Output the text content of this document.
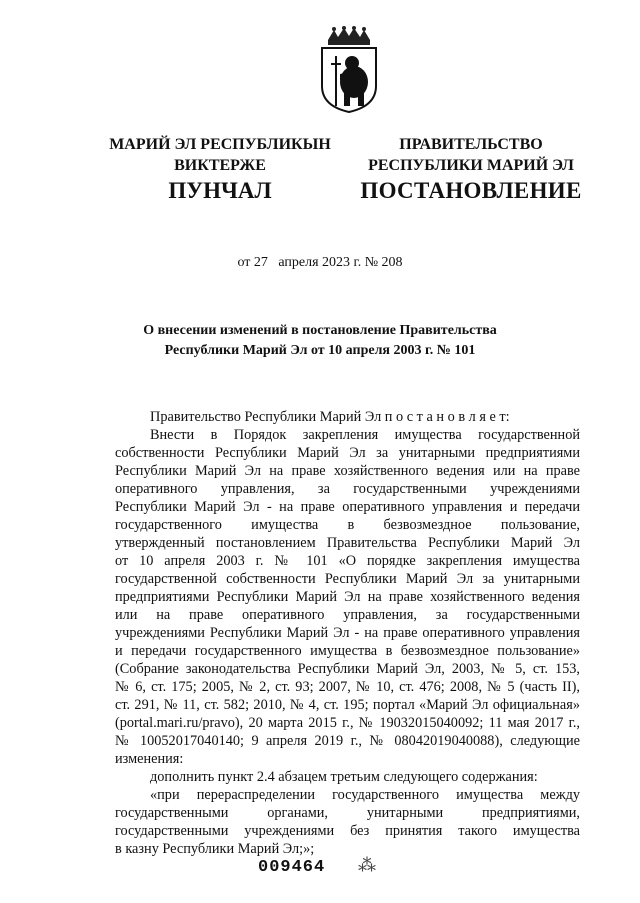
МАРИЙ ЭЛ РЕСПУБЛИКЫН
ВИКТЕРЖЕ
ПУНЧАЛ
ПРАВИТЕЛЬСТВО
РЕСПУБЛИКИ МАРИЙ ЭЛ
ПОСТАНОВЛЕНИЕ
от 27   апреля 2023 г. № 208
О внесении изменений в постановление Правительства
Республики Марий Эл от 10 апреля 2003 г. № 101
Правительство Республики Марий Эл п о с т а н о в л я е т:
Внести в Порядок закрепления имущества государственной
собственности Республики Марий Эл за унитарными предприятиями
Республики Марий Эл на праве хозяйственного ведения или на праве
оперативного управления, за государственными учреждениями
Республики Марий Эл - на праве оперативного управления и передачи
государственного имущества в безвозмездное пользование,
утвержденный постановлением Правительства Республики Марий Эл
от 10 апреля 2003 г. № 101 «О порядке закрепления имущества
государственной собственности Республики Марий Эл за унитарными
предприятиями Республики Марий Эл на праве хозяйственного ведения
или на праве оперативного управления, за государственными
учреждениями Республики Марий Эл - на праве оперативного управления
и передачи государственного имущества в безвозмездное пользование»
(Собрание законодательства Республики Марий Эл, 2003, № 5, ст. 153,
№ 6, ст. 175; 2005, № 2, ст. 93; 2007, № 10, ст. 476; 2008, № 5 (часть II),
ст. 291, № 11, ст. 582; 2010, № 4, ст. 195; портал «Марий Эл официальная»
(portal.mari.ru/pravo), 20 марта 2015 г., № 19032015040092; 11 мая 2017 г.,
№ 10052017040140; 9 апреля 2019 г., № 08042019040088), следующие
изменения:
дополнить пункт 2.4 абзацем третьим следующего содержания:
«при перераспределении государственного имущества между
государственными органами, унитарными предприятиями,
государственными учреждениями без принятия такого имущества
в казну Республики Марий Эл;»;
009464 ⁂
